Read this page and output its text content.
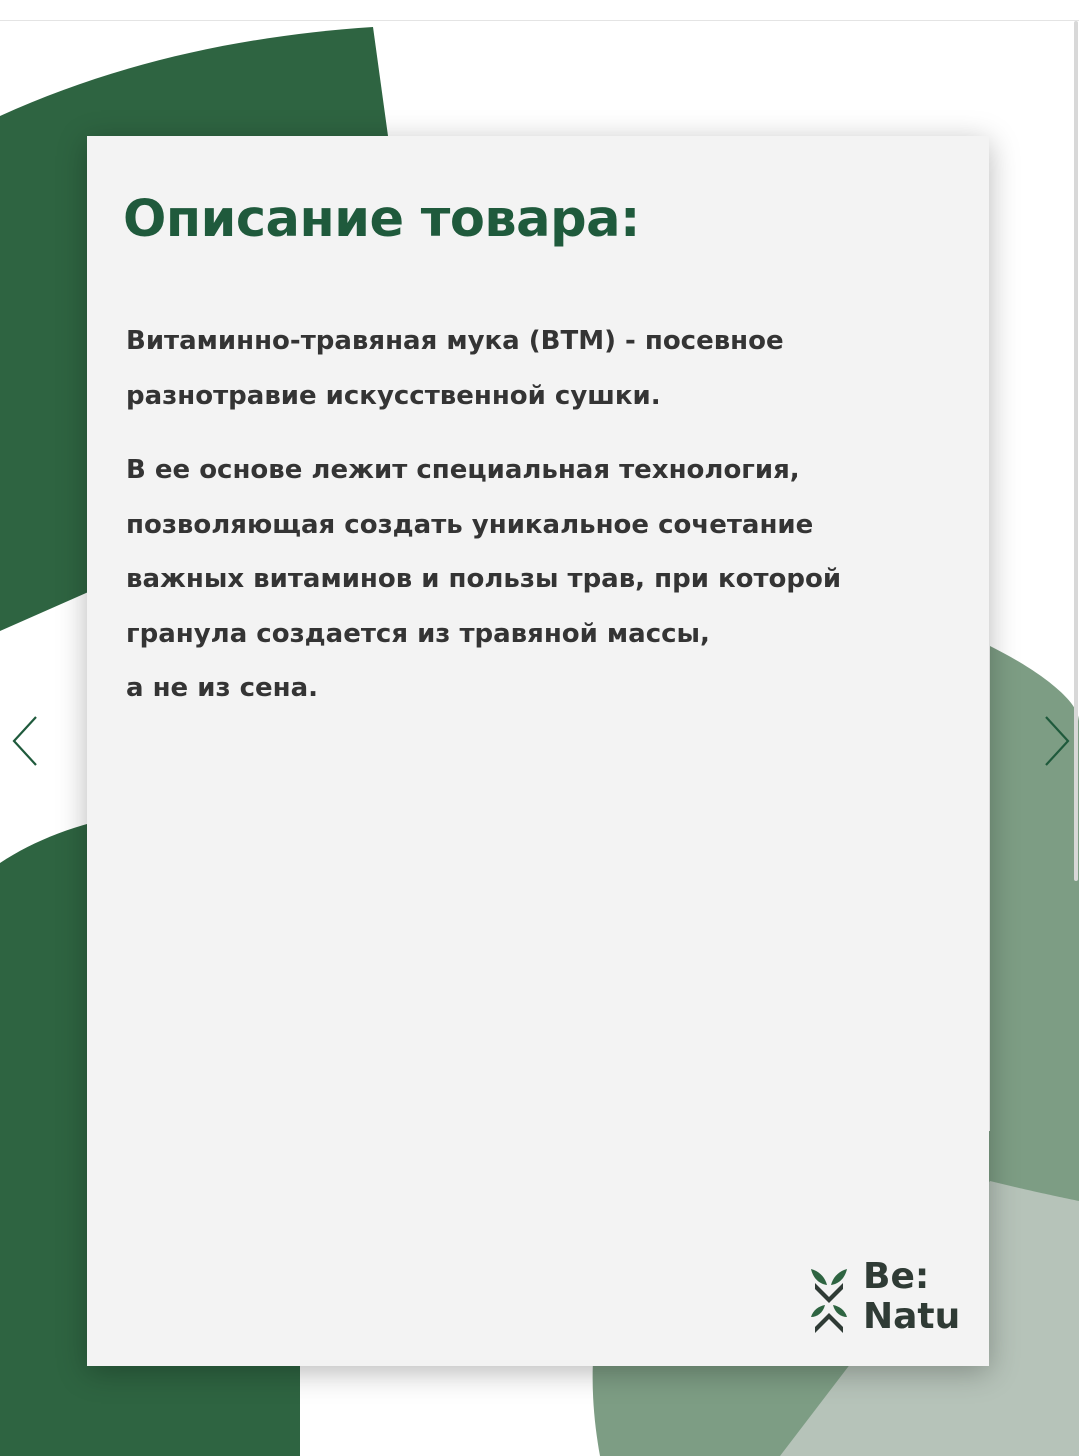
Описание товара:

Витаминно-травяная мука (ВТМ) - посевное
разнотравие искусственной сушки.

В ее основе лежит специальная технология,
позволяющая создать уникальное сочетание
важных витаминов и пользы трав, при которой
гранула создается из травяной массы,
а не из сена.

Be:
Natu
